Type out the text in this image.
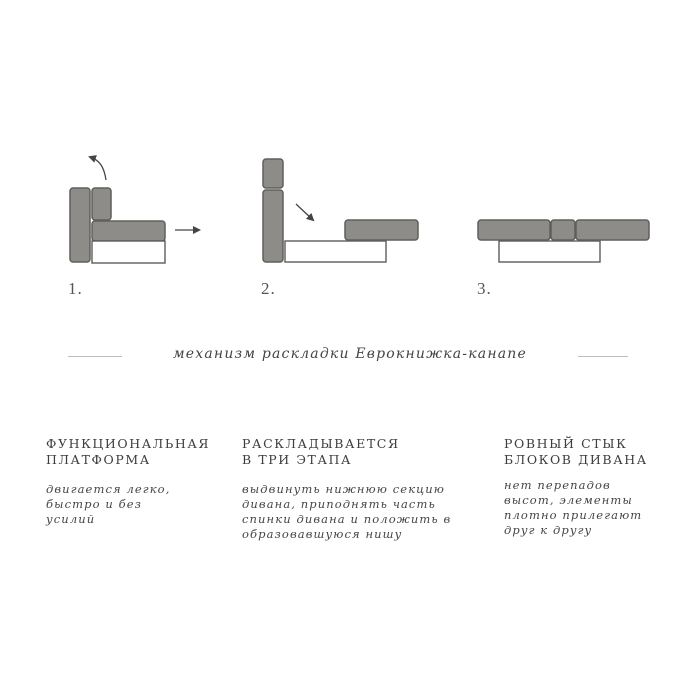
1.	2.	3.
механизм раскладки Еврокнижка-канапе
ФУНКЦИОНАЛЬНАЯ
ПЛАТФОРМА
двигается легко,
быстро и без
усилий
РАСКЛАДЫВАЕТСЯ
В ТРИ ЭТАПА
выдвинуть нижнюю секцию
дивана, приподнять часть
спинки дивана и положить в
образовавшуюся нишу
РОВНЫЙ СТЫК
БЛОКОВ ДИВАНА
нет перепадов
высот, элементы
плотно прилегают
друг к другу
